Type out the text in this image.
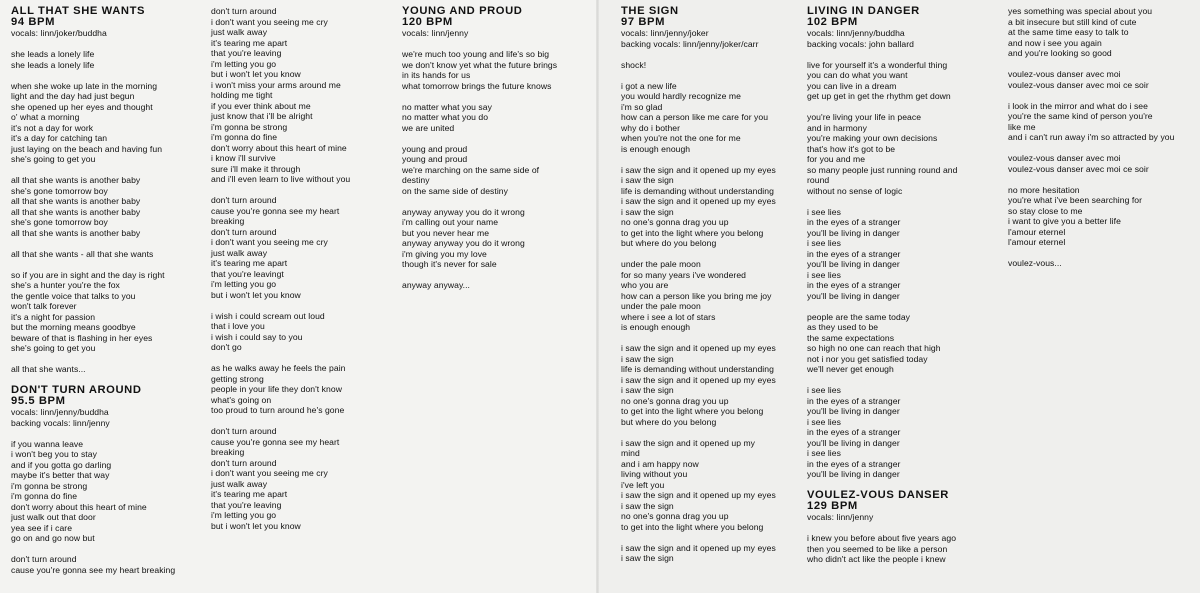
ALL THAT SHE WANTS
94 BPM
vocals: linn/joker/buddha
she leads a lonely life
she leads a lonely life
when she woke up late in the morning
light and the day had just begun
she opened up her eyes and thought
o' what a morning
it's not a day for work
it's a day for catching tan
just laying on the beach and having fun
she's going to get you
all that she wants is another baby
she's gone tomorrow boy
all that she wants is another baby
all that she wants is another baby
she's gone tomorrow boy
all that she wants is another baby
all that she wants - all that she wants
so if you are in sight and the day is right
she's a hunter you're the fox
the gentle voice that talks to you
won't talk forever
it's a night for passion
but the morning means goodbye
beware of that is flashing in her eyes
she's going to get you
all that she wants...
DON'T TURN AROUND
95.5 BPM
vocals: linn/jenny/buddha
backing vocals: linn/jenny
if you wanna leave
i won't beg you to stay
and if you gotta go darling
maybe it's better that way
i'm gonna be strong
i'm gonna do fine
don't worry about this heart of mine
just walk out that door
yea see if i care
go on and go now but
don't turn around
cause you're gonna see my heart breaking
don't turn around
i don't want you seeing me cry
just walk away
it's tearing me apart
that you're leaving
i'm letting you go
but i won't let you know
i won't miss your arms around me
holding me tight
if you ever think about me
just know that i'll be alright
i'm gonna be strong
i'm gonna do fine
don't worry about this heart of mine
i know i'll survive
sure i'll make it through
and i'll even learn to live without you
don't turn around
cause you're gonna see my heart
breaking
don't turn around
i don't want you seeing me cry
just walk away
it's tearing me apart
that you're leavingt
i'm letting you go
but i won't let you know
i wish i could scream out loud
that i love you
i wish i could say to you
don't go
as he walks away he feels the pain
getting strong
people in your life they don't know
what's going on
too proud to turn around he's gone
don't turn around
cause you're gonna see my heart
breaking
don't turn around
i don't want you seeing me cry
just walk away
it's tearing me apart
that you're leaving
i'm letting you go
but i won't let you know
YOUNG AND PROUD
120 BPM
vocals: linn/jenny
we're much too young and life's so big
we don't know yet what the future brings
in its hands for us
what tomorrow brings the future knows
no matter what you say
no matter what you do
we are united
young and proud
young and proud
we're marching on the same side of
destiny
on the same side of destiny
anyway anyway you do it wrong
i'm calling out your name
but you never hear me
anyway anyway you do it wrong
i'm giving you my love
though it's never for sale
anyway anyway...
THE SIGN
97 BPM
vocals: linn/jenny/joker
backing vocals: linn/jenny/joker/carr
shock!
i got a new life
you would hardly recognize me
i'm so glad
how can a person like me care for you
why do i bother
when you're not the one for me
is enough enough
i saw the sign and it opened up my eyes
i saw the sign
life is demanding without understanding
i saw the sign and it opened up my eyes
i saw the sign
no one's gonna drag you up
to get into the light where you belong
but where do you belong
under the pale moon
for so many years i've wondered
who you are
how can a person like you bring me joy
under the pale moon
where i see a lot of stars
is enough enough
i saw the sign and it opened up my eyes
i saw the sign
life is demanding without understanding
i saw the sign and it opened up my eyes
i saw the sign
no one's gonna drag you up
to get into the light where you belong
but where do you belong
i saw the sign and it opened up my
mind
and i am happy now
living without you
i've left you
i saw the sign and it opened up my eyes
i saw the sign
no one's gonna drag you up
to get into the light where you belong
i saw the sign and it opened up my eyes
i saw the sign
LIVING IN DANGER
102 BPM
vocals: linn/jenny/buddha
backing vocals: john ballard
live for yourself it's a wonderful thing
you can do what you want
you can live in a dream
get up get in get the rhythm get down
you're living your life in peace
and in harmony
you're making your own decisions
that's how it's got to be
for you and me
so many people just running round and
round
without no sense of logic
i see lies
in the eyes of a stranger
you'll be living in danger
i see lies
in the eyes of a stranger
you'll be living in danger
i see lies
in the eyes of a stranger
you'll be living in danger
people are the same today
as they used to be
the same expectations
so high no one can reach that high
not i nor you get satisfied today
we'll never get enough
i see lies
in the eyes of a stranger
you'll be living in danger
i see lies
in the eyes of a stranger
you'll be living in danger
i see lies
in the eyes of a stranger
you'll be living in danger
VOULEZ-VOUS DANSER
129 BPM
vocals: linn/jenny
i knew you before about five years ago
then you seemed to be like a person
who didn't act like the people i knew
yes something was special about you
a bit insecure but still kind of cute
at the same time easy to talk to
and now i see you again
and you're looking so good
voulez-vous danser avec moi
voulez-vous danser avec moi ce soir
i look in the mirror and what do i see
you're the same kind of person you're
like me
and i can't run away i'm so attracted by you
voulez-vous danser avec moi
voulez-vous danser avec moi ce soir
no more hesitation
you're what i've been searching for
so stay close to me
i want to give you a better life
l'amour eternel
l'amour eternel
voulez-vous...
